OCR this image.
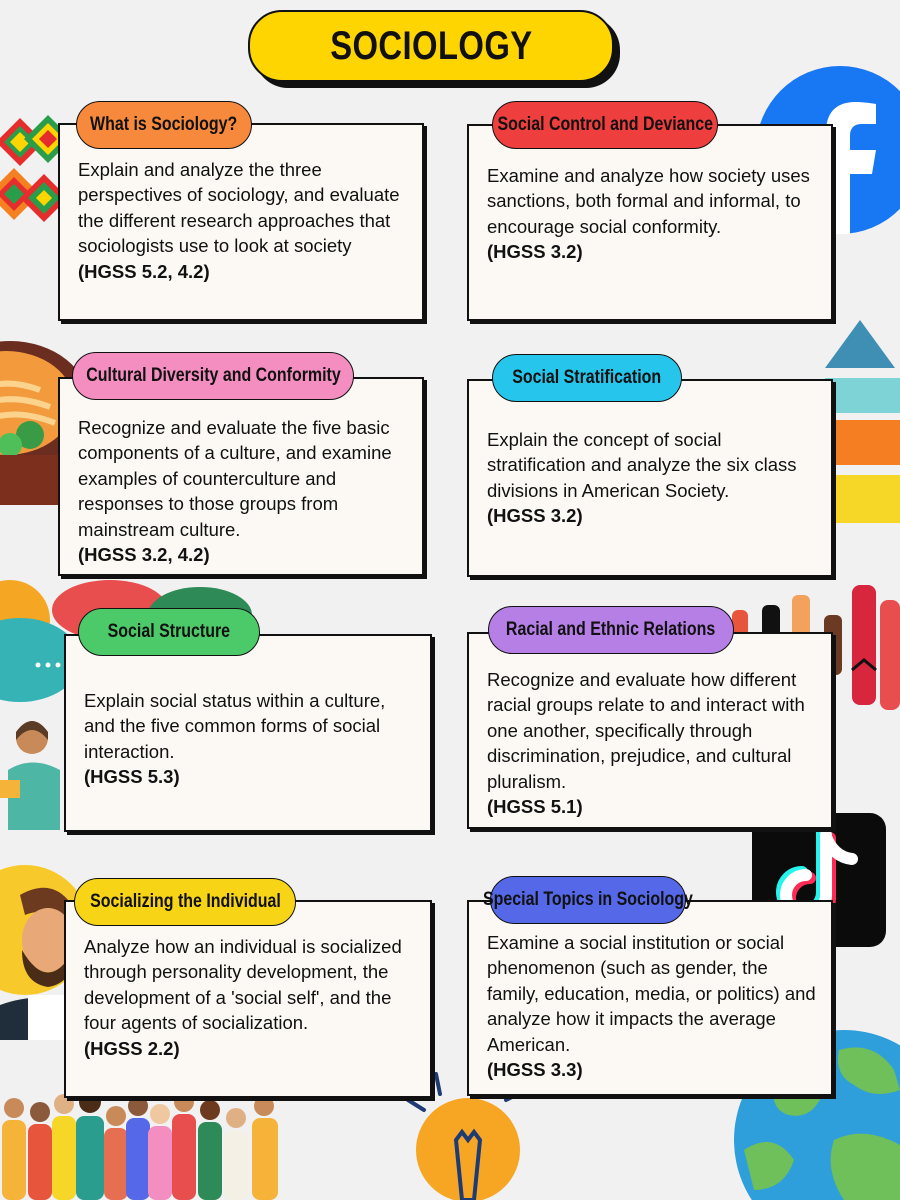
SOCIOLOGY
Explain and analyze the three perspectives of sociology, and evaluate the different research approaches that sociologists use to look at society
(HGSS 5.2, 4.2)
What is Sociology?
Examine and analyze how society uses sanctions, both formal and informal, to encourage social conformity.
(HGSS 3.2)
Social Control and Deviance
Recognize and evaluate the five basic components of a culture, and examine examples of counterculture and responses to those groups from mainstream culture.
(HGSS 3.2, 4.2)
Cultural Diversity and Conformity
Explain the concept of social stratification and analyze the six class divisions in American Society.
(HGSS 3.2)
Social Stratification
Explain social status within a culture, and the five common forms of social interaction.
(HGSS 5.3)
Social Structure
Recognize and evaluate how different racial groups relate to and interact with one another, specifically through discrimination, prejudice, and cultural pluralism.
(HGSS 5.1)
Racial and Ethnic Relations
Analyze how an individual is socialized through personality development, the development of a 'social self', and the four agents of socialization.
(HGSS 2.2)
Socializing the Individual
Examine a social institution or social phenomenon (such as gender, the family, education, media, or politics) and analyze how it impacts the average American.
(HGSS 3.3)
Special Topics in Sociology
